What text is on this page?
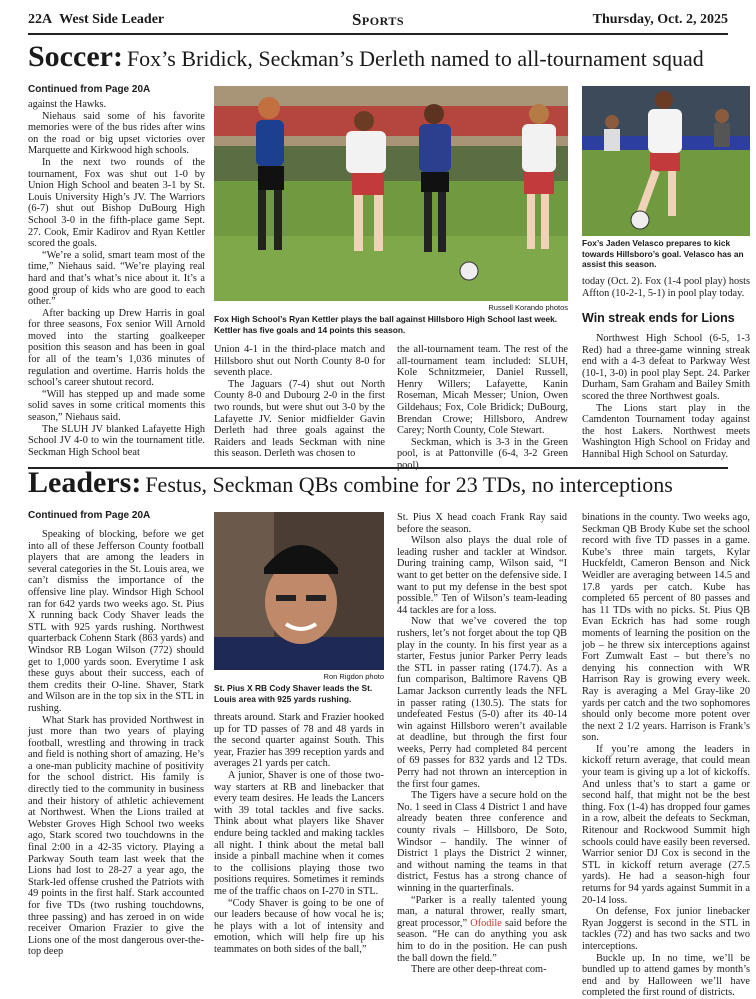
22A West Side Leader	Sports	Thursday, Oct. 2, 2025
Soccer: Fox’s Bridick, Seckman’s Derleth named to all-tournament squad
Continued from Page 20A

against the Hawks.

Niehaus said some of his favorite memories were of the bus rides after wins on the road or big upset victories over Marquette and Kirkwood high schools.

In the next two rounds of the tournament, Fox was shut out 1-0 by Union High School and beaten 3-1 by St. Louis University High’s JV. The Warriors (6-7) shut out Bishop DuBourg High School 3-0 in the fifth-place game Sept. 27. Cook, Emir Kadirov and Ryan Kettler scored the goals.

“We’re a solid, smart team most of the time,” Niehaus said. “We’re playing real hard and that’s what’s nice about it. It’s a good group of kids who are good to each other.”

After backing up Drew Harris in goal for three seasons, Fox senior Will Arnold moved into the starting goalkeeper position this season and has been in goal for all of the team’s 1,036 minutes of regulation and overtime. Harris holds the school’s career shutout record.

“Will has stepped up and made some solid saves in some critical moments this season,” Niehaus said.

The SLUH JV blanked Lafayette High School JV 4-0 to win the tournament title. Seckman High School beat

Russell Korando photos
Fox High School’s Ryan Kettler plays the ball against Hillsboro High School last week. Kettler has five goals and 14 points this season.

Union 4-1 in the third-place match and Hillsboro shut out North County 8-0 for seventh place.

The Jaguars (7-4) shut out North County 8-0 and Dubourg 2-0 in the first two rounds, but were shut out 3-0 by the Lafayette JV. Senior midfielder Gavin Derleth had three goals against the Raiders and leads Seckman with nine this season. Derleth was chosen to

the all-tournament team. The rest of the all-tournament team included: SLUH, Kole Schnitzmeier, Daniel Russell, Henry Willers; Lafayette, Kanin Roseman, Micah Messer; Union, Owen Gildehaus; Fox, Cole Bridick; DuBourg, Brendan Crowe; Hillsboro, Andrew Carey; North County, Cole Stewart.

Seckman, which is 3-3 in the Green pool, is at Pattonville (6-4, 3-2 Green pool)

Fox’s Jaden Velasco prepares to kick towards Hillsboro’s goal. Velasco has an assist this season.

today (Oct. 2). Fox (1-4 pool play) hosts Affton (10-2-1, 5-1) in pool play today.

Win streak ends for Lions

Northwest High School (6-5, 1-3 Red) had a three-game winning streak end with a 4-3 defeat to Parkway West (10-1, 3-0) in pool play Sept. 24. Parker Durham, Sam Graham and Bailey Smith scored the three Northwest goals.

The Lions start play in the Camdenton Tournament today against the host Lakers. Northwest meets Washington High School on Friday and Hannibal High School on Saturday.

Leaders: Festus, Seckman QBs combine for 23 TDs, no interceptions
Continued from Page 20A

Speaking of blocking, before we get into all of these Jefferson County football players that are among the leaders in several categories in the St. Louis area, we can’t dismiss the importance of the offensive line play. Windsor High School ran for 642 yards two weeks ago. St. Pius X running back Cody Shaver leads the STL with 925 yards rushing. Northwest quarterback Cohenn Stark (863 yards) and Windsor RB Logan Wilson (772) should get to 1,000 yards soon. Everytime I ask these guys about their success, each of them credits their O-line. Shaver, Stark and Wilson are in the top six in the STL in rushing.

What Stark has provided Northwest in just more than two years of playing football, wrestling and throwing in track and field is nothing short of amazing. He’s a one-man publicity machine of positivity for the school district. His family is directly tied to the community in business and their history of athletic achievement at Northwest. When the Lions trailed at Webster Groves High School two weeks ago, Stark scored two touchdowns in the final 2:00 in a 42-35 victory. Playing a Parkway South team last week that the Lions had lost to 28-27 a year ago, the Stark-led offense crushed the Patriots with 49 points in the first half. Stark accounted for five TDs (two rushing touchdowns, three passing) and has zeroed in on wide receiver Omarion Frazier to give the Lions one of the most dangerous over-the-top deep

Ron Rigdon photo
St. Pius X RB Cody Shaver leads the St. Louis area with 925 yards rushing.

threats around. Stark and Frazier hooked up for TD passes of 78 and 48 yards in the second quarter against South. This year, Frazier has 399 reception yards and averages 21 yards per catch.

A junior, Shaver is one of those two-way starters at RB and linebacker that every team desires. He leads the Lancers with 39 total tackles and five sacks. Think about what players like Shaver endure being tackled and making tackles all night. I think about the metal ball inside a pinball machine when it comes to the collisions playing those two positions requires. Sometimes it reminds me of the traffic chaos on I-270 in STL.

“Cody Shaver is going to be one of our leaders because of how vocal he is; he plays with a lot of intensity and emotion, which will help fire up his teammates on both sides of the ball,”

St. Pius X head coach Frank Ray said before the season.

Wilson also plays the dual role of leading rusher and tackler at Windsor. During training camp, Wilson said, “I want to get better on the defensive side. I want to put my defense in the best spot possible.” Ten of Wilson’s team-leading 44 tackles are for a loss.

Now that we’ve covered the top rushers, let’s not forget about the top QB play in the county. In his first year as a starter, Festus junior Parker Perry leads the STL in passer rating (174.7). As a fun comparison, Baltimore Ravens QB Lamar Jackson currently leads the NFL in passer rating (130.5). The stats for undefeated Festus (5-0) after its 40-14 win against Hillsboro weren’t available at deadline, but through the first four weeks, Perry had completed 84 percent of 69 passes for 832 yards and 12 TDs. Perry had not thrown an interception in the first four games.

The Tigers have a secure hold on the No. 1 seed in Class 4 District 1 and have already beaten three conference and county rivals – Hillsboro, De Soto, Windsor – handily. The winner of District 1 plays the District 2 winner, and without naming the teams in that district, Festus has a strong chance of winning in the quarterfinals.

“Parker is a really talented young man, a natural thrower, really smart, great processor,” Ofodile said before the season. “He can do anything you ask him to do in the position. He can push the ball down the field.”

There are other deep-threat com-

binations in the county. Two weeks ago, Seckman QB Brody Kube set the school record with five TD passes in a game. Kube’s three main targets, Kylar Huckfeldt, Cameron Benson and Nick Weidler are averaging between 14.5 and 17.8 yards per catch. Kube has completed 65 percent of 80 passes and has 11 TDs with no picks. St. Pius QB Evan Eckrich has had some rough moments of learning the position on the job – he threw six interceptions against Fort Zumwalt East – but there’s no denying his connection with WR Harrison Ray is growing every week. Ray is averaging a Mel Gray-like 20 yards per catch and the two sophomores should only become more potent over the next 2 1/2 years. Harrison is Frank’s son.

If you’re among the leaders in kickoff return average, that could mean your team is giving up a lot of kickoffs. And unless that’s to start a game or second half, that might not be the best thing. Fox (1-4) has dropped four games in a row, albeit the defeats to Seckman, Ritenour and Rockwood Summit high schools could have easily been reversed. Warrior senior DJ Cox is second in the STL in kickoff return average (27.5 yards). He had a season-high four returns for 94 yards against Summit in a 20-14 loss.

On defense, Fox junior linebacker Ryan Joggerst is second in the STL in tackles (72) and has two sacks and two interceptions.

Buckle up. In no time, we’ll be bundled up to attend games by month’s end and by Halloween we’ll have completed the first round of districts.
